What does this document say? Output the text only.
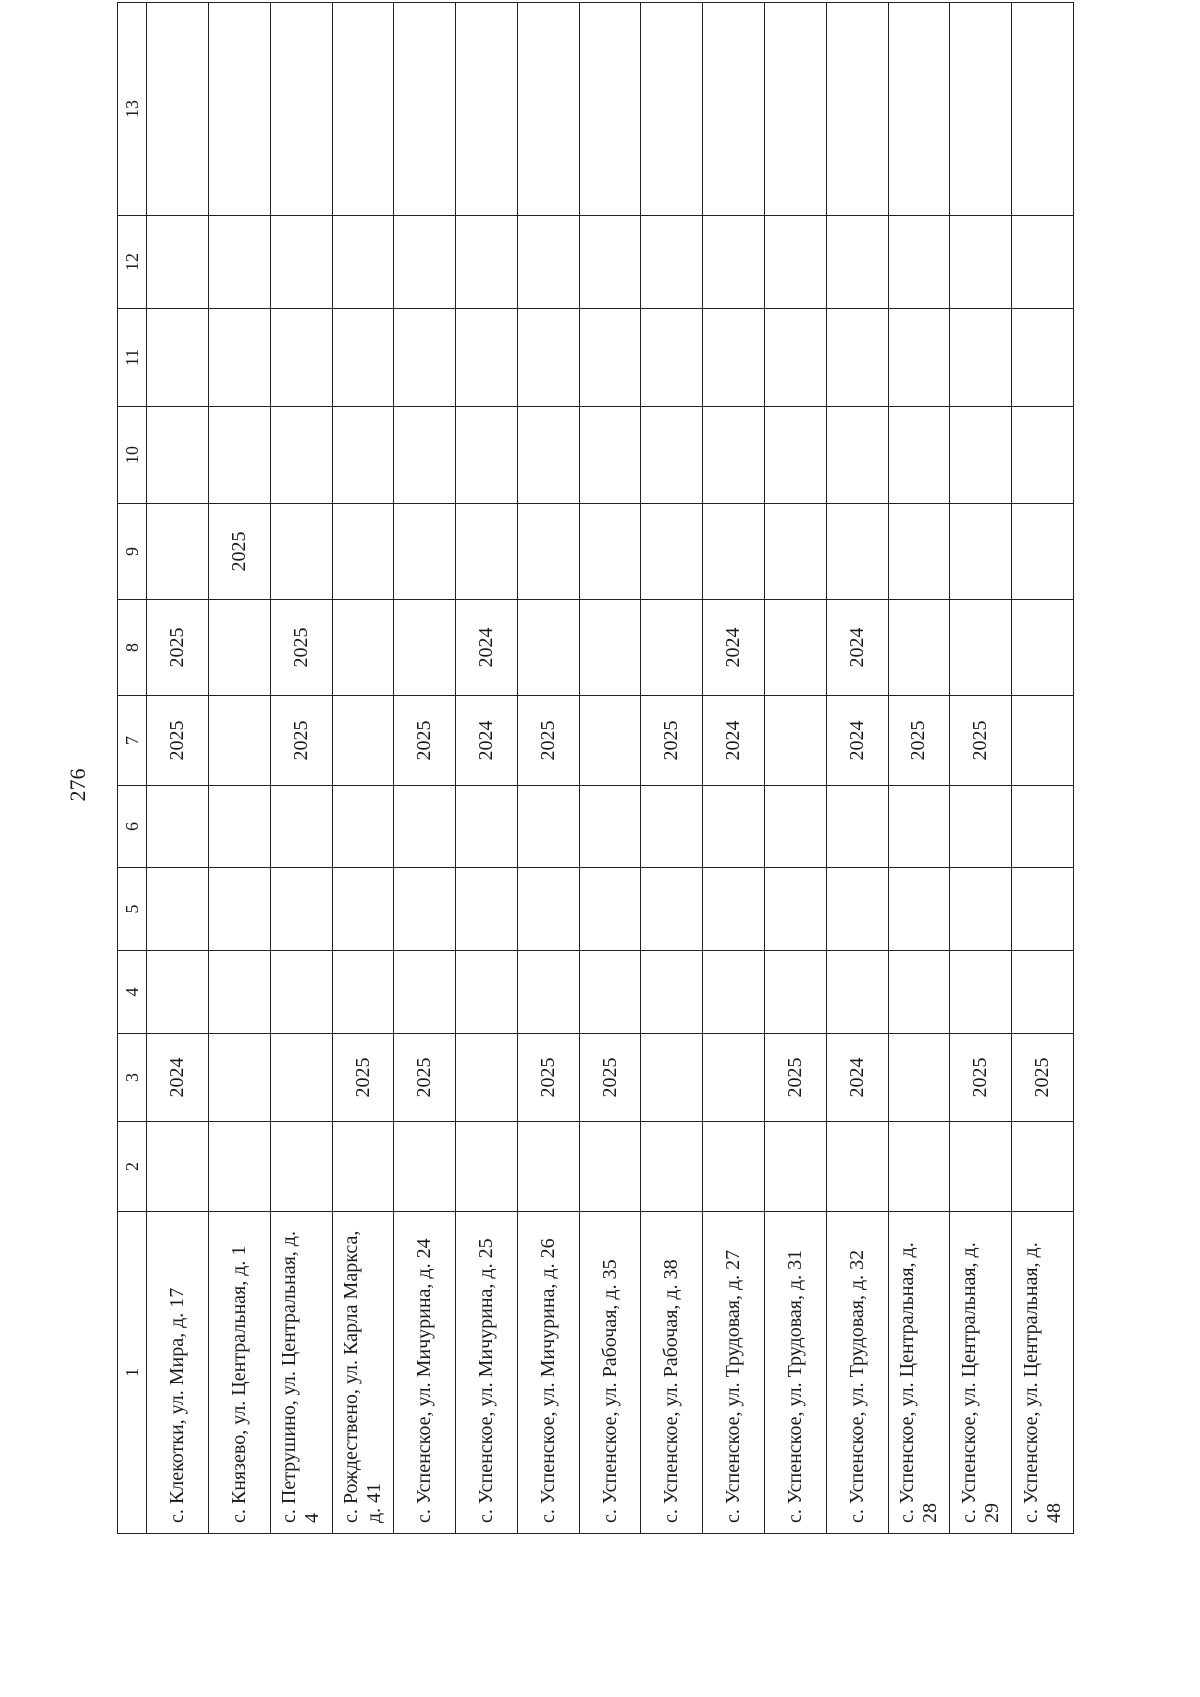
276
1	2	3	4	5	6	7	8	9	10	11	12	13
с. Клекотки, ул. Мира, д. 17		2024				2025	2025					
с. Князево, ул. Центральная, д. 1								2025				
с. Петрушино, ул. Центральная, д. 4						2025	2025					
с. Рождествено, ул. Карла Маркса, д. 41		2025										
с. Успенское, ул. Мичурина, д. 24		2025				2025						
с. Успенское, ул. Мичурина, д. 25						2024	2024					
с. Успенское, ул. Мичурина, д. 26		2025				2025						
с. Успенское, ул. Рабочая, д. 35		2025										
с. Успенское, ул. Рабочая, д. 38						2025						
с. Успенское, ул. Трудовая, д. 27						2024	2024					
с. Успенское, ул. Трудовая, д. 31		2025										
с. Успенское, ул. Трудовая, д. 32		2024				2024	2024					
с. Успенское, ул. Центральная, д. 28						2025						
с. Успенское, ул. Центральная, д. 29		2025				2025						
с. Успенское, ул. Центральная, д. 48		2025										
